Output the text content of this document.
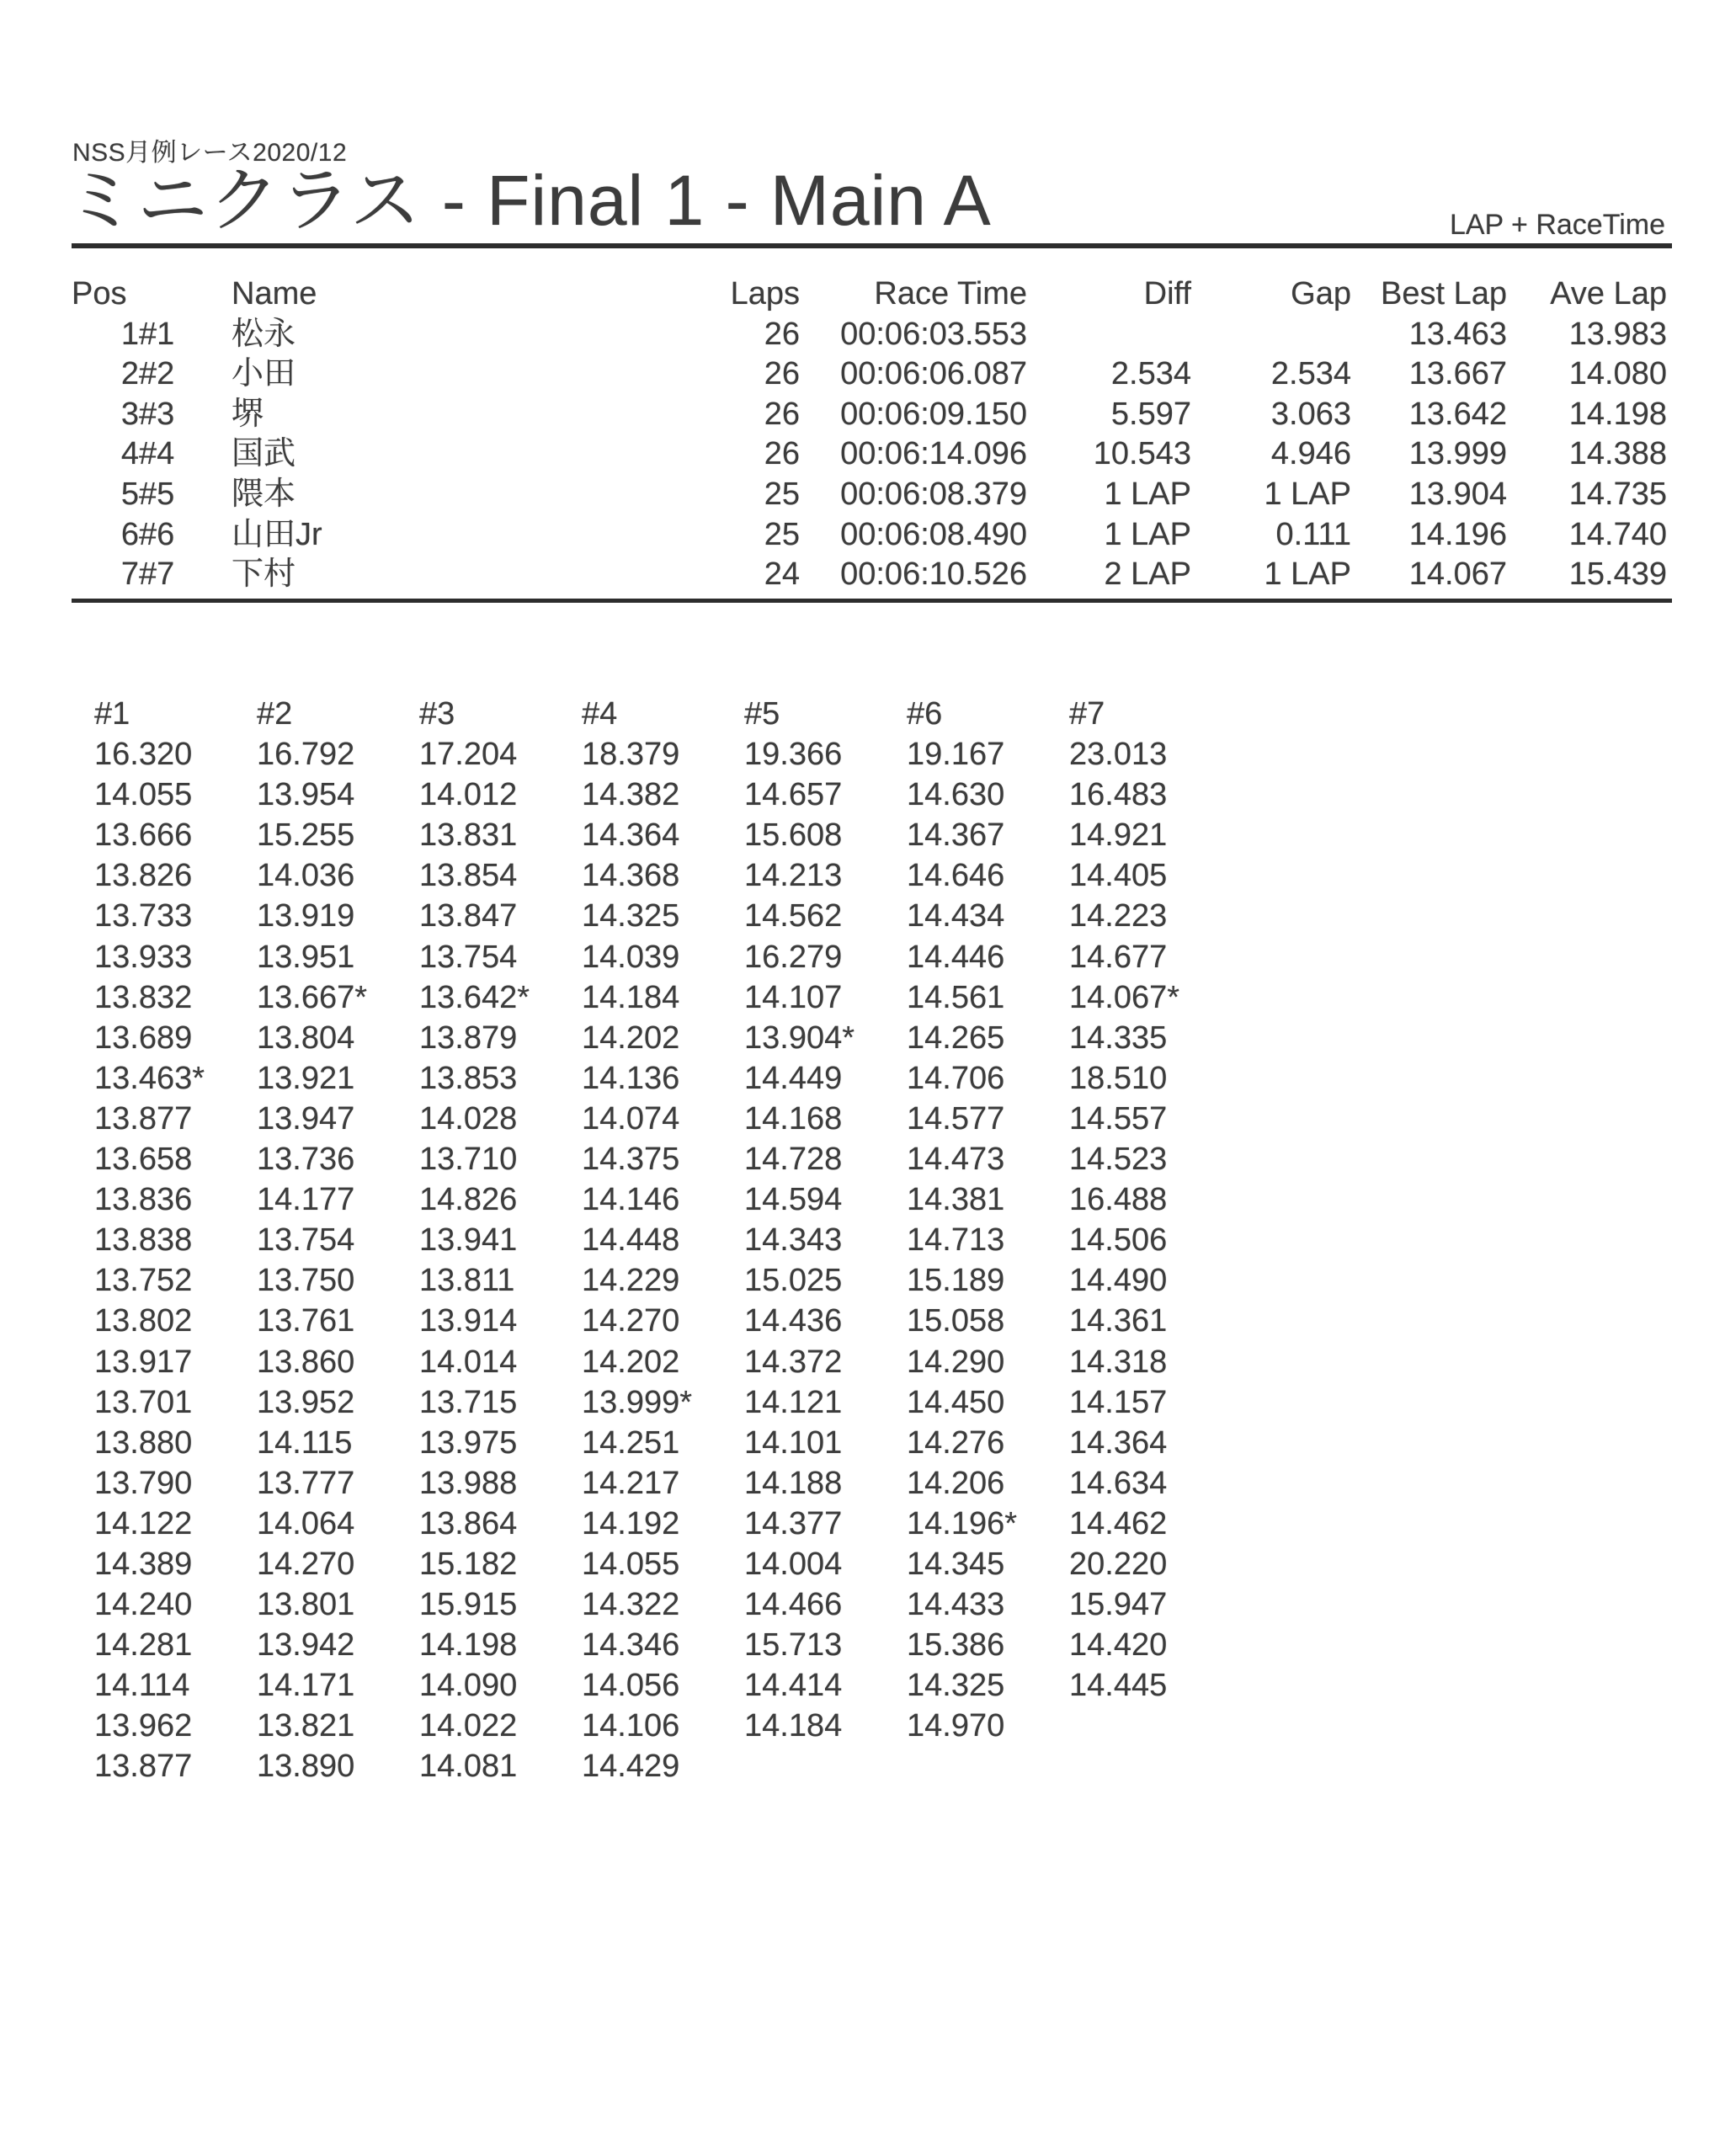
NSS月例レース2020/12
ミニクラス - Final 1 - Main A	LAP + RaceTime
Pos		Name	Laps	Race Time	Diff	Gap	Best Lap	Ave Lap
1	#1	松永	26	00:06:03.553			13.463	13.983
2	#2	小田	26	00:06:06.087	2.534	2.534	13.667	14.080
3	#3	堺	26	00:06:09.150	5.597	3.063	13.642	14.198
4	#4	国武	26	00:06:14.096	10.543	4.946	13.999	14.388
5	#5	隈本	25	00:06:08.379	1 LAP	1 LAP	13.904	14.735
6	#6	山田Jr	25	00:06:08.490	1 LAP	0.111	14.196	14.740
7	#7	下村	24	00:06:10.526	2 LAP	1 LAP	14.067	15.439
#1	#2	#3	#4	#5	#6	#7
16.320	16.792	17.204	18.379	19.366	19.167	23.013
14.055	13.954	14.012	14.382	14.657	14.630	16.483
13.666	15.255	13.831	14.364	15.608	14.367	14.921
13.826	14.036	13.854	14.368	14.213	14.646	14.405
13.733	13.919	13.847	14.325	14.562	14.434	14.223
13.933	13.951	13.754	14.039	16.279	14.446	14.677
13.832	13.667*	13.642*	14.184	14.107	14.561	14.067*
13.689	13.804	13.879	14.202	13.904*	14.265	14.335
13.463*	13.921	13.853	14.136	14.449	14.706	18.510
13.877	13.947	14.028	14.074	14.168	14.577	14.557
13.658	13.736	13.710	14.375	14.728	14.473	14.523
13.836	14.177	14.826	14.146	14.594	14.381	16.488
13.838	13.754	13.941	14.448	14.343	14.713	14.506
13.752	13.750	13.811	14.229	15.025	15.189	14.490
13.802	13.761	13.914	14.270	14.436	15.058	14.361
13.917	13.860	14.014	14.202	14.372	14.290	14.318
13.701	13.952	13.715	13.999*	14.121	14.450	14.157
13.880	14.115	13.975	14.251	14.101	14.276	14.364
13.790	13.777	13.988	14.217	14.188	14.206	14.634
14.122	14.064	13.864	14.192	14.377	14.196*	14.462
14.389	14.270	15.182	14.055	14.004	14.345	20.220
14.240	13.801	15.915	14.322	14.466	14.433	15.947
14.281	13.942	14.198	14.346	15.713	15.386	14.420
14.114	14.171	14.090	14.056	14.414	14.325	14.445
13.962	13.821	14.022	14.106	14.184	14.970
13.877	13.890	14.081	14.429
